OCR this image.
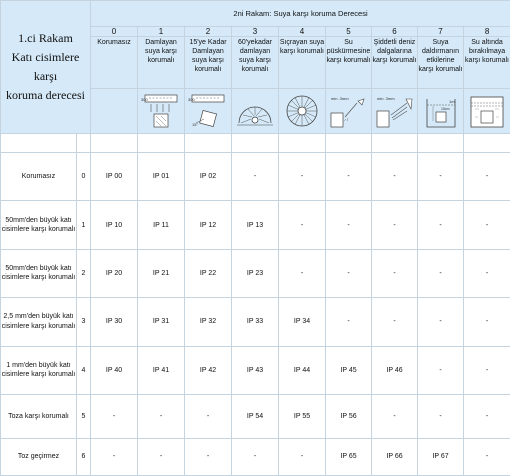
1.ci Rakam
Katı cisimlere
karşı
koruma derecesi		2ni Rakam: Suya karşı koruma Derecesi								
		0	1	2	3	4	5	6	7	8
		Korumasız	Damlayan suya karşı korumalı	15'ye Kadar Damlayan suya karşı korumalı	60'yekadar damlayan suya karşı korumalı	Sıçrayan suya karşı korumalı	Su püskürmesine karşı korumalı	Şiddetli deniz dalgalarına karşı korumalı	Suya daldırmanın etkilerine karşı korumalı	Su altında bırakılmaya karşı korumalı

300	300
15°			min. 3mm	min. 3mm	1m
15cm

Korumasız	0	IP 00	IP 01	IP 02	-	-	-	-	-	-
50mm'den büyük katı cisimlere karşı korumalı	1	IP 10	IP 11	IP 12	IP 13	-	-	-	-	-
50mm'den büyük katı cisimlere karşı korumalı	2	IP 20	IP 21	IP 22	IP 23	-	-	-	-	-
2,5 mm'den büyük katı cisimlere karşı korumalı	3	IP 30	IP 31	IP 32	IP 33	IP 34	-	-	-	-
1 mm'den büyük katı cisimlere karşı korumalı	4	IP 40	IP 41	IP 42	IP 43	IP 44	IP 45	IP 46	-	-
Toza karşı korumalı	5	-	-	-	IP 54	IP 55	IP 56	-	-	-
Toz geçirmez	6	-	-	-	-	-	IP 65	IP 66	IP 67	-
